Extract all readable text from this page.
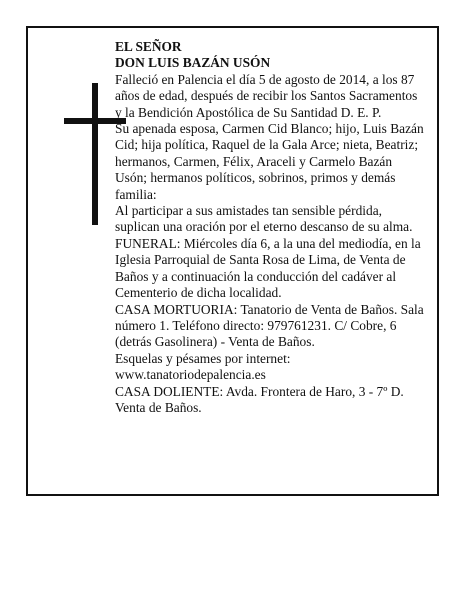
EL SEÑOR

DON LUIS BAZÁN USÓN

Falleció en Palencia el día 5 de agosto de 2014, a los 87 años de edad, después de recibir los Santos Sacramentos y la Bendición Apostólica de Su Santidad D. E. P.

Su apenada esposa, Carmen Cid Blanco; hijo, Luis Bazán Cid; hija política, Raquel de la Gala Arce; nieta, Beatriz; hermanos, Carmen, Félix, Araceli y Carmelo Bazán Usón; hermanos políticos, sobrinos, primos y demás familia:

Al participar a sus amistades tan sensible pérdida, suplican una oración por el eterno descanso de su alma.

FUNERAL: Miércoles día 6, a la una del mediodía, en la Iglesia Parroquial de Santa Rosa de Lima, de Venta de Baños y a continuación la conducción del cadáver al Cementerio de dicha localidad.

CASA MORTUORIA: Tanatorio de Venta de Baños. Sala número 1. Teléfono directo: 979761231. C/ Cobre, 6 (detrás Gasolinera) - Venta de Baños.

Esquelas y pésames por internet: www.tanatoriodepalencia.es

CASA DOLIENTE: Avda. Frontera de Haro, 3 - 7º D. Venta de Baños.
